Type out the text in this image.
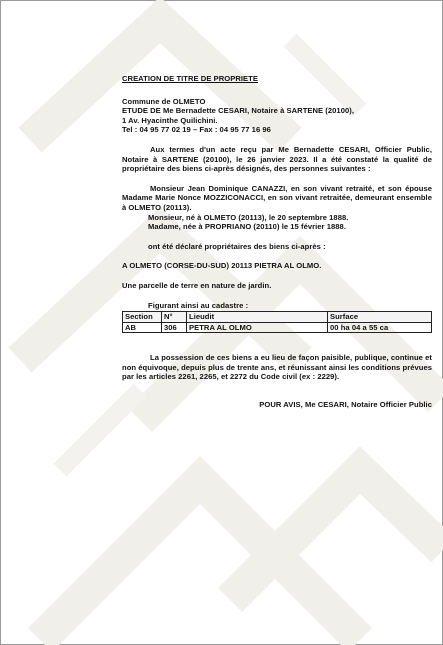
CREATION DE TITRE DE PROPRIETE
Commune de OLMETO
ETUDE DE Me Bernadette CESARI, Notaire à SARTENE (20100),
1 Av. Hyacinthe Quilichini.
Tel : 04 95 77 02 19 – Fax : 04 95 77 16 96
Aux termes d'un acte reçu par Me Bernadette CESARI, Officier Public, Notaire à SARTENE (20100), le 26 janvier 2023. Il a été constaté la qualité de propriétaire des biens ci-après désignés, des personnes suivantes :
Monsieur Jean Dominique CANAZZI, en son vivant retraité, et son épouse Madame Marie Nonce MOZZICONACCI, en son vivant retraitée, demeurant ensemble à OLMETO (20113).
Monsieur, né à OLMETO (20113), le 20 septembre 1888.
Madame, née à PROPRIANO (20110) le 15 février 1888.
ont été déclaré propriétaires des biens ci-après :
A OLMETO (CORSE-DU-SUD) 20113 PIETRA AL OLMO.
Une parcelle de terre en nature de jardin.
Figurant ainsi au cadastre :
Section	N°	Lieudit	Surface
AB	306	PETRA AL OLMO	00 ha 04 a 55 ca
La possession de ces biens a eu lieu de façon paisible, publique, continue et non équivoque, depuis plus de trente ans, et réunissant ainsi les conditions prévues par les articles 2261, 2265, et 2272 du Code civil (ex : 2229).
POUR AVIS, Me CESARI, Notaire Officier Public
